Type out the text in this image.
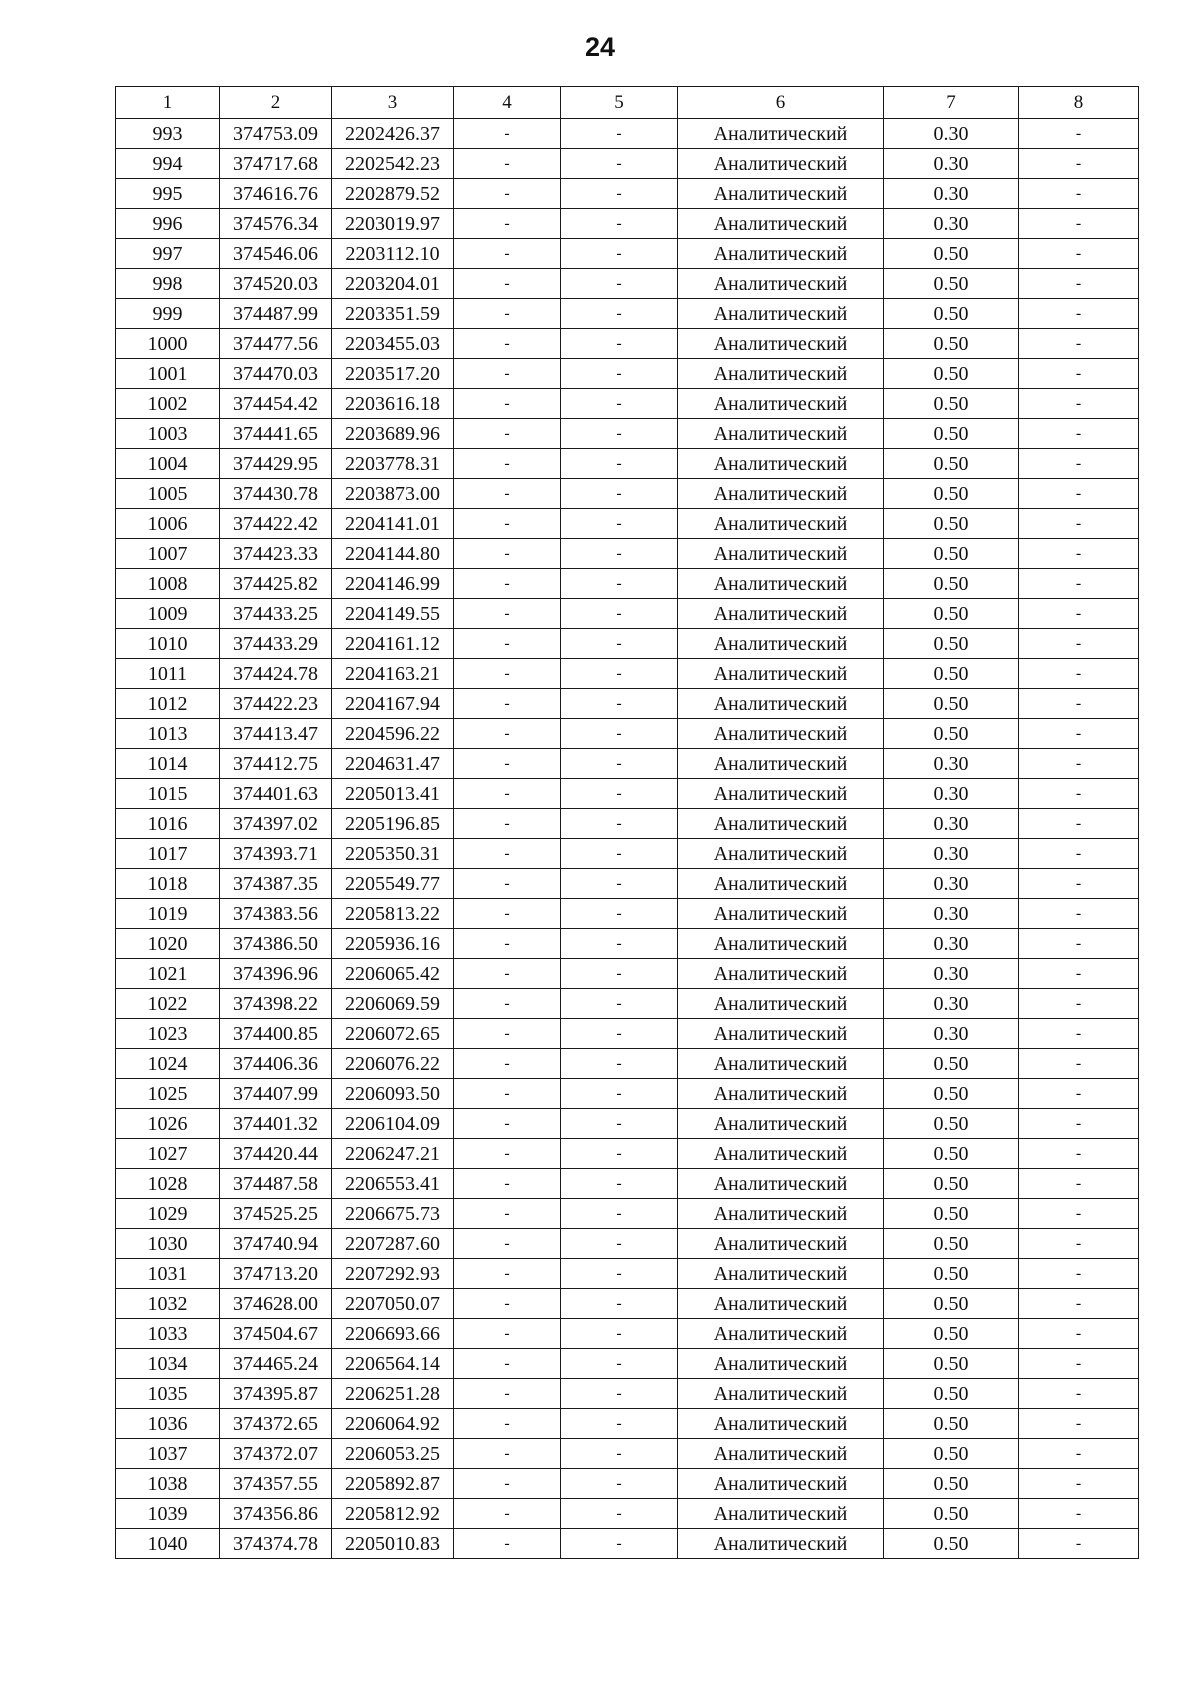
24
1	2	3	4	5	6	7	8
993	374753.09	2202426.37	-	-	Аналитический	0.30	-
994	374717.68	2202542.23	-	-	Аналитический	0.30	-
995	374616.76	2202879.52	-	-	Аналитический	0.30	-
996	374576.34	2203019.97	-	-	Аналитический	0.30	-
997	374546.06	2203112.10	-	-	Аналитический	0.50	-
998	374520.03	2203204.01	-	-	Аналитический	0.50	-
999	374487.99	2203351.59	-	-	Аналитический	0.50	-
1000	374477.56	2203455.03	-	-	Аналитический	0.50	-
1001	374470.03	2203517.20	-	-	Аналитический	0.50	-
1002	374454.42	2203616.18	-	-	Аналитический	0.50	-
1003	374441.65	2203689.96	-	-	Аналитический	0.50	-
1004	374429.95	2203778.31	-	-	Аналитический	0.50	-
1005	374430.78	2203873.00	-	-	Аналитический	0.50	-
1006	374422.42	2204141.01	-	-	Аналитический	0.50	-
1007	374423.33	2204144.80	-	-	Аналитический	0.50	-
1008	374425.82	2204146.99	-	-	Аналитический	0.50	-
1009	374433.25	2204149.55	-	-	Аналитический	0.50	-
1010	374433.29	2204161.12	-	-	Аналитический	0.50	-
1011	374424.78	2204163.21	-	-	Аналитический	0.50	-
1012	374422.23	2204167.94	-	-	Аналитический	0.50	-
1013	374413.47	2204596.22	-	-	Аналитический	0.50	-
1014	374412.75	2204631.47	-	-	Аналитический	0.30	-
1015	374401.63	2205013.41	-	-	Аналитический	0.30	-
1016	374397.02	2205196.85	-	-	Аналитический	0.30	-
1017	374393.71	2205350.31	-	-	Аналитический	0.30	-
1018	374387.35	2205549.77	-	-	Аналитический	0.30	-
1019	374383.56	2205813.22	-	-	Аналитический	0.30	-
1020	374386.50	2205936.16	-	-	Аналитический	0.30	-
1021	374396.96	2206065.42	-	-	Аналитический	0.30	-
1022	374398.22	2206069.59	-	-	Аналитический	0.30	-
1023	374400.85	2206072.65	-	-	Аналитический	0.30	-
1024	374406.36	2206076.22	-	-	Аналитический	0.50	-
1025	374407.99	2206093.50	-	-	Аналитический	0.50	-
1026	374401.32	2206104.09	-	-	Аналитический	0.50	-
1027	374420.44	2206247.21	-	-	Аналитический	0.50	-
1028	374487.58	2206553.41	-	-	Аналитический	0.50	-
1029	374525.25	2206675.73	-	-	Аналитический	0.50	-
1030	374740.94	2207287.60	-	-	Аналитический	0.50	-
1031	374713.20	2207292.93	-	-	Аналитический	0.50	-
1032	374628.00	2207050.07	-	-	Аналитический	0.50	-
1033	374504.67	2206693.66	-	-	Аналитический	0.50	-
1034	374465.24	2206564.14	-	-	Аналитический	0.50	-
1035	374395.87	2206251.28	-	-	Аналитический	0.50	-
1036	374372.65	2206064.92	-	-	Аналитический	0.50	-
1037	374372.07	2206053.25	-	-	Аналитический	0.50	-
1038	374357.55	2205892.87	-	-	Аналитический	0.50	-
1039	374356.86	2205812.92	-	-	Аналитический	0.50	-
1040	374374.78	2205010.83	-	-	Аналитический	0.50	-
